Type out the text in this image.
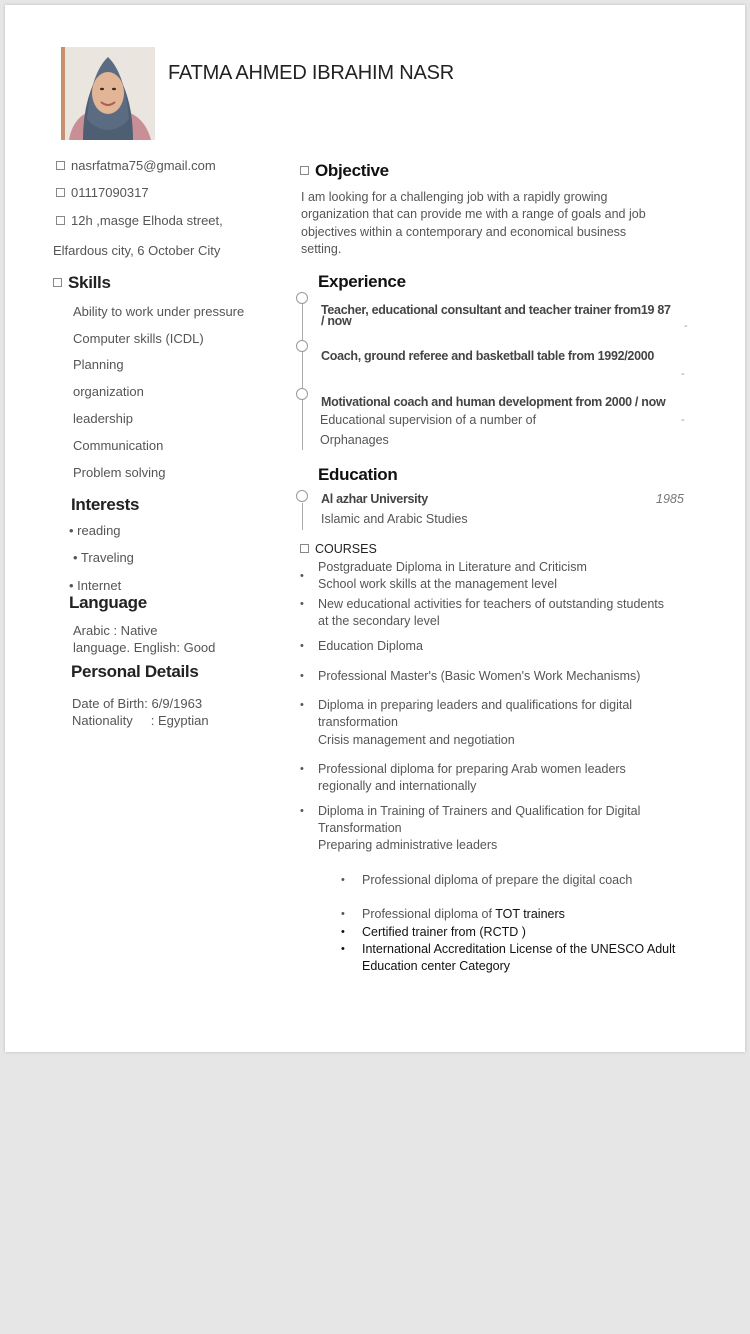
FATMA AHMED IBRAHIM NASR
nasrfatma75@gmail.com
01117090317
12h ,masge Elhoda street,
Elfardous city, 6 October City
Skills
Ability to work under pressure
Computer skills (ICDL)
Planning
organization
leadership
Communication
Problem solving
Interests
• reading
• Traveling
• Internet
Language
Arabic : Native
language. English: Good
Personal Details
Date of Birth: 6/9/1963
Nationality     : Egyptian
Objective
I am looking for a challenging job with a rapidly growing
organization that can provide me with a range of goals and job
objectives within a contemporary and economical business
setting.
Experience
Teacher, educational consultant and teacher trainer from19 87
/ now	-
Coach, ground referee and basketball table from 1992/2000
-
Motivational coach and human development from 2000 / now
Educational supervision of a number of	-
Orphanages
Education
Al azhar University	1985
Islamic and Arabic Studies
COURSES
Postgraduate Diploma in Literature and Criticism
•
School work skills at the management level
• New educational activities for teachers of outstanding students
at the secondary level
• Education Diploma
• Professional Master's (Basic Women's Work Mechanisms)
• Diploma in preparing leaders and qualifications for digital
transformation
Crisis management and negotiation
• Professional diploma for preparing Arab women leaders
regionally and internationally
• Diploma in Training of Trainers and Qualification for Digital
Transformation
Preparing administrative leaders
• Professional diploma of prepare the digital coach
• Professional diploma of TOT trainers
• Certified trainer from (RCTD )
• International Accreditation License of the UNESCO Adult
Education center Category
